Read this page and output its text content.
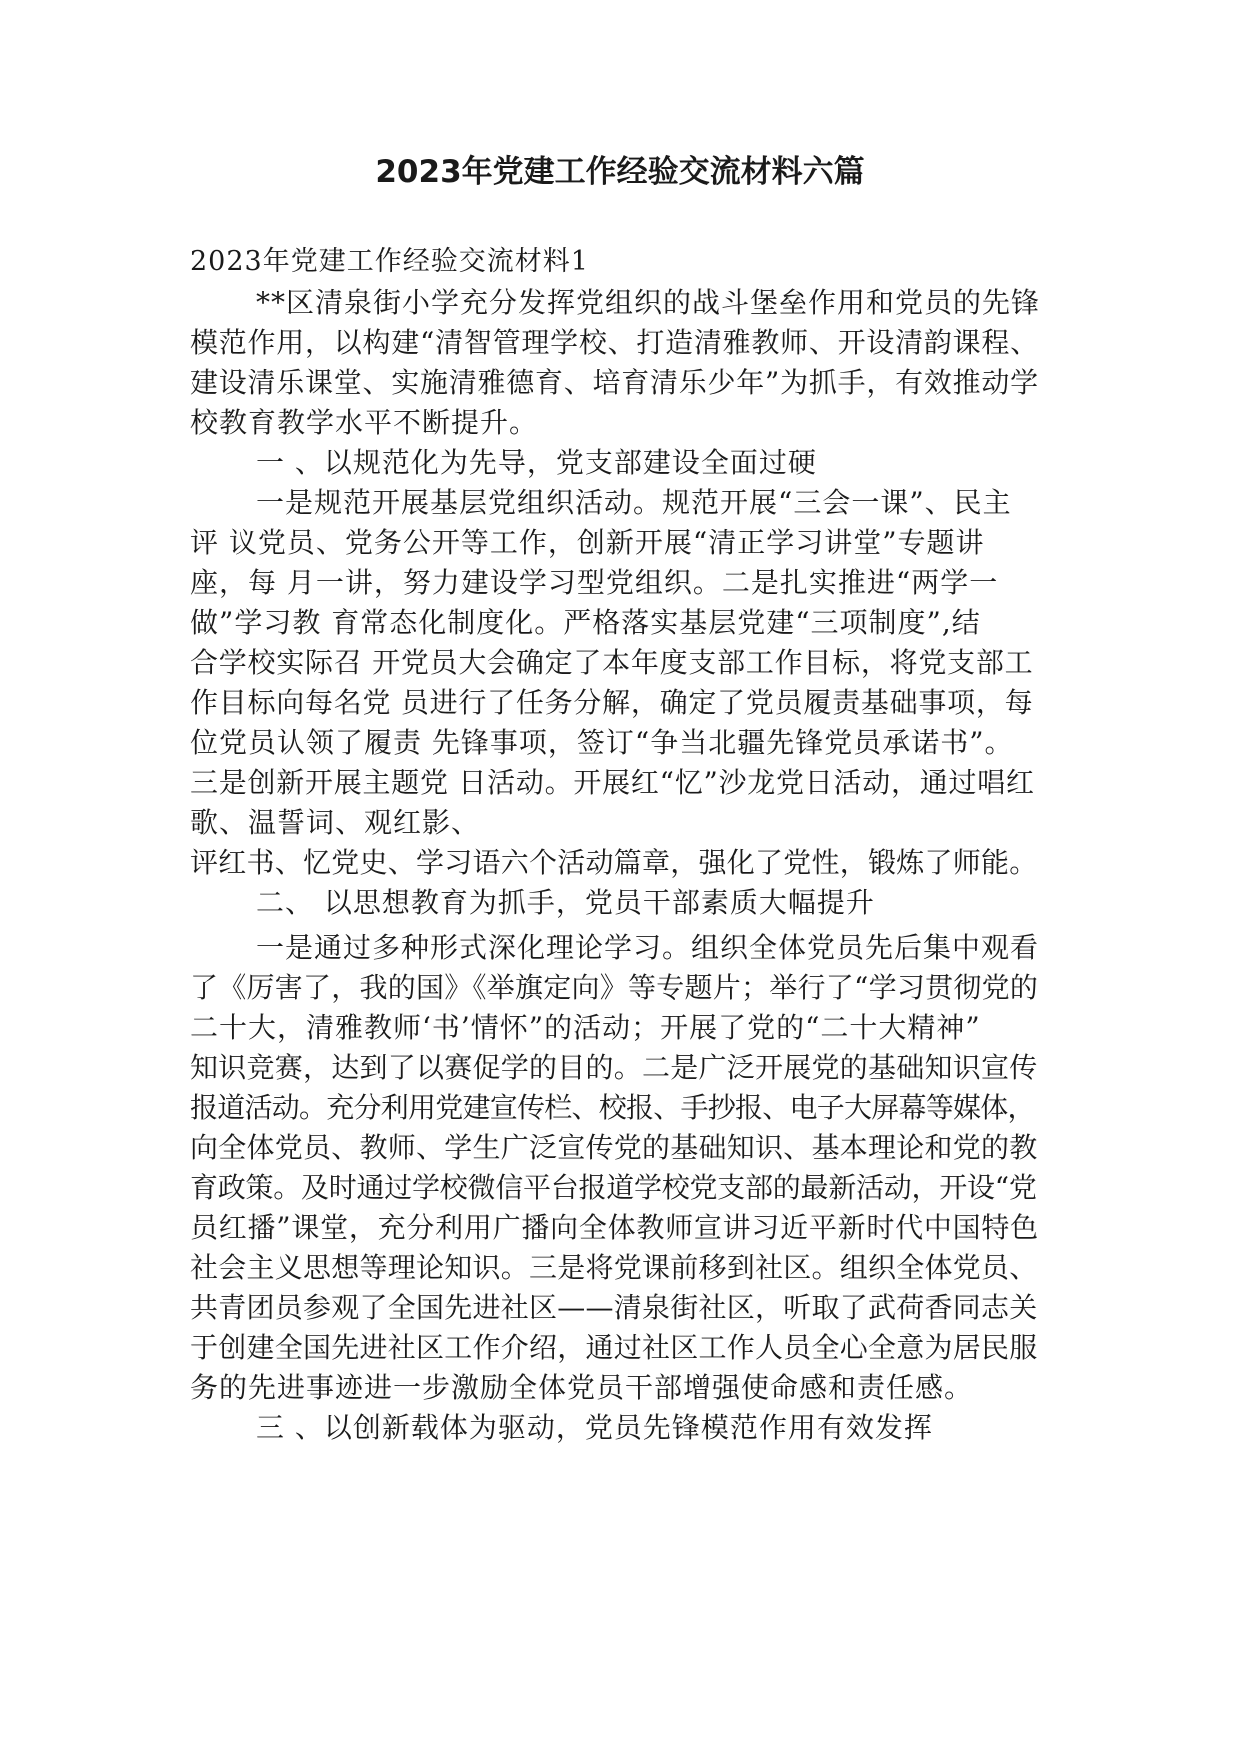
2023年党建工作经验交流材料六篇
2023年党建工作经验交流材料1
**区清泉街小学充分发挥党组织的战斗堡垒作用和党员的先锋
模范作用，以构建“清智管理学校、打造清雅教师、开设清韵课程、
建设清乐课堂、实施清雅德育、培育清乐少年”为抓手，有效推动学
校教育教学水平不断提升。
一 、以规范化为先导，党支部建设全面过硬
一是规范开展基层党组织活动。规范开展“三会一课”、民主
评 议党员、党务公开等工作，创新开展“清正学习讲堂”专题讲
座，每 月一讲，努力建设学习型党组织。二是扎实推进“两学一
做”学习教 育常态化制度化。严格落实基层党建“三项制度”,结
合学校实际召 开党员大会确定了本年度支部工作目标，将党支部工
作目标向每名党 员进行了任务分解，确定了党员履责基础事项，每
位党员认领了履责 先锋事项，签订“争当北疆先锋党员承诺书”。
三是创新开展主题党 日活动。开展红“忆”沙龙党日活动，通过唱红
歌、温誓词、观红影、
评红书、忆党史、学习语六个活动篇章，强化了党性，锻炼了师能。
二、 以思想教育为抓手，党员干部素质大幅提升
一是通过多种形式深化理论学习。组织全体党员先后集中观看
了《厉害了，我的国》《举旗定向》等专题片；举行了“学习贯彻党的
二十大，清雅教师‘书’情怀”的活动；开展了党的“二十大精神”
知识竞赛，达到了以赛促学的目的。二是广泛开展党的基础知识宣传
报道活动。充分利用党建宣传栏、校报、手抄报、电子大屏幕等媒体，
向全体党员、教师、学生广泛宣传党的基础知识、基本理论和党的教
育政策。及时通过学校微信平台报道学校党支部的最新活动，开设“党
员红播”课堂，充分利用广播向全体教师宣讲习近平新时代中国特色
社会主义思想等理论知识。三是将党课前移到社区。组织全体党员、
共青团员参观了全国先进社区——清泉街社区，听取了武荷香同志关
于创建全国先进社区工作介绍，通过社区工作人员全心全意为居民服
务的先进事迹进一步激励全体党员干部增强使命感和责任感。
三 、以创新载体为驱动，党员先锋模范作用有效发挥
